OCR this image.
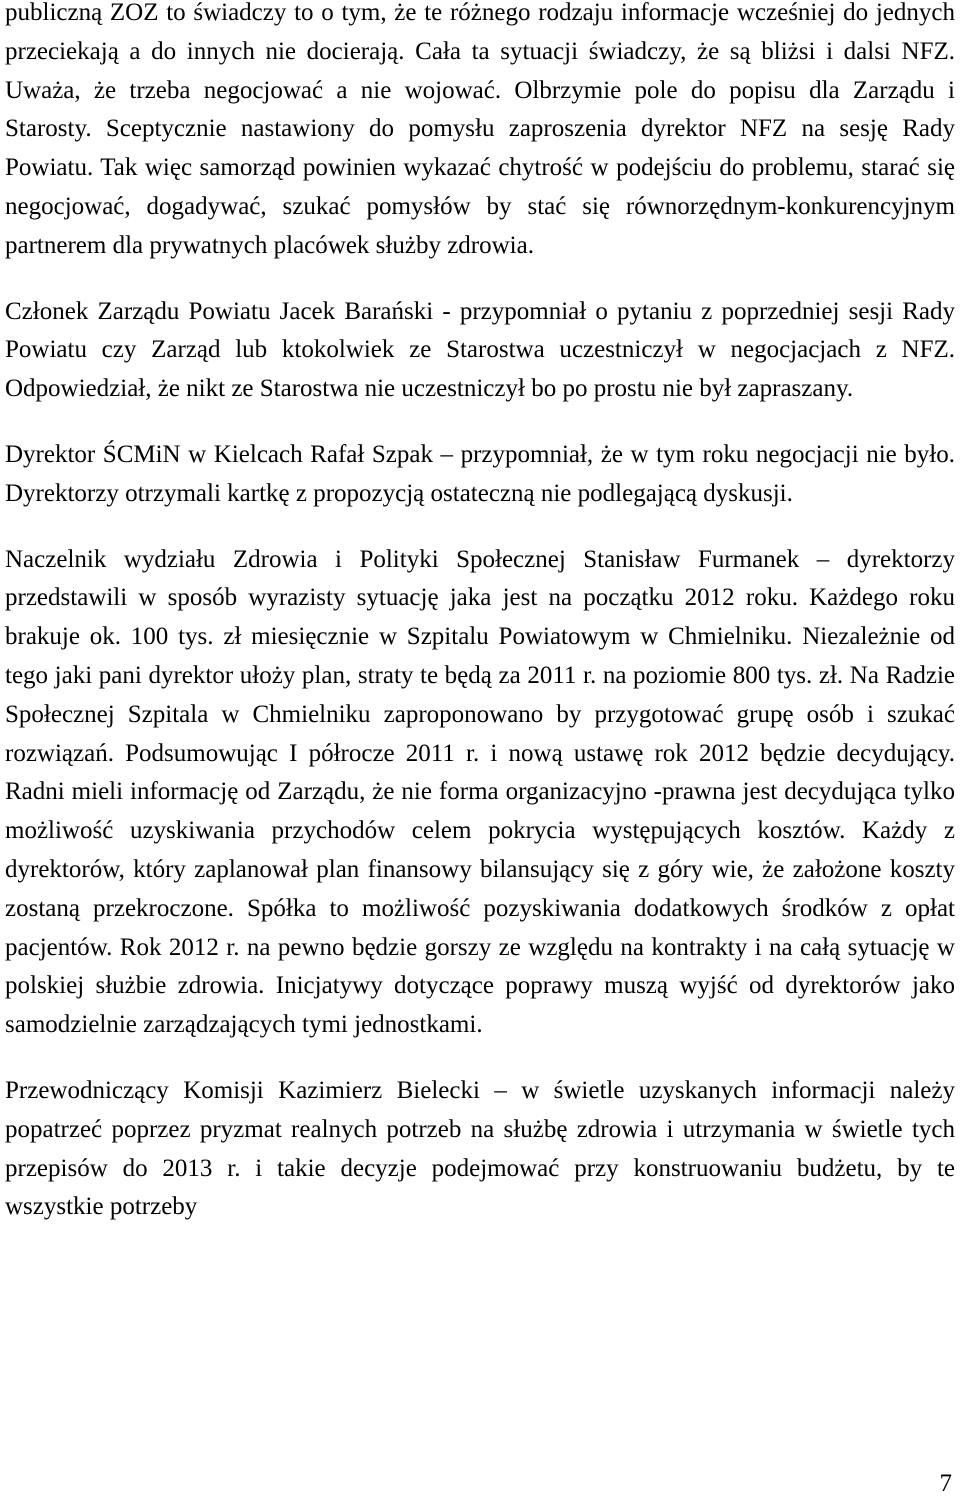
publiczną ZOZ to świadczy to o tym, że te różnego rodzaju informacje wcześniej do jednych przeciekają a do innych nie docierają. Cała ta sytuacji świadczy, że są bliżsi i dalsi NFZ. Uważa, że trzeba negocjować a nie wojować. Olbrzymie pole do popisu dla Zarządu i Starosty. Sceptycznie nastawiony do pomysłu zaproszenia dyrektor NFZ na sesję Rady Powiatu. Tak więc samorząd powinien wykazać chytrość w podejściu do problemu, starać się negocjować, dogadywać, szukać pomysłów by stać się równorzędnym-konkurencyjnym partnerem dla prywatnych placówek służby zdrowia.

Członek Zarządu Powiatu Jacek Barański - przypomniał o pytaniu z poprzedniej sesji Rady Powiatu czy Zarząd lub ktokolwiek ze Starostwa uczestniczył w negocjacjach z NFZ. Odpowiedział, że nikt ze Starostwa nie uczestniczył bo po prostu nie był zapraszany.

Dyrektor ŚCMiN w Kielcach Rafał Szpak – przypomniał, że w tym roku negocjacji nie było. Dyrektorzy otrzymali kartkę z propozycją ostateczną nie podlegającą dyskusji.

Naczelnik wydziału Zdrowia i Polityki Społecznej Stanisław Furmanek – dyrektorzy przedstawili w sposób wyrazisty sytuację jaka jest na początku 2012 roku. Każdego roku brakuje ok. 100 tys. zł miesięcznie w Szpitalu Powiatowym w Chmielniku. Niezależnie od tego jaki pani dyrektor ułoży plan, straty te będą za 2011 r. na poziomie 800 tys. zł. Na Radzie Społecznej Szpitala w Chmielniku zaproponowano by przygotować grupę osób i szukać rozwiązań. Podsumowując I półrocze 2011 r. i nową ustawę rok 2012 będzie decydujący. Radni mieli informację od Zarządu, że nie forma organizacyjno -prawna jest decydująca tylko możliwość uzyskiwania przychodów celem pokrycia występujących kosztów. Każdy z dyrektorów, który zaplanował plan finansowy bilansujący się z góry wie, że założone koszty zostaną przekroczone. Spółka to możliwość pozyskiwania dodatkowych środków z opłat pacjentów. Rok 2012 r. na pewno będzie gorszy ze względu na kontrakty i na całą sytuację w polskiej służbie zdrowia. Inicjatywy dotyczące poprawy muszą wyjść od dyrektorów jako samodzielnie zarządzających tymi jednostkami.

Przewodniczący Komisji Kazimierz Bielecki – w świetle uzyskanych informacji należy popatrzeć poprzez pryzmat realnych potrzeb na służbę zdrowia i utrzymania w świetle tych przepisów do 2013 r. i takie decyzje podejmować przy konstruowaniu budżetu, by te wszystkie potrzeby

7
